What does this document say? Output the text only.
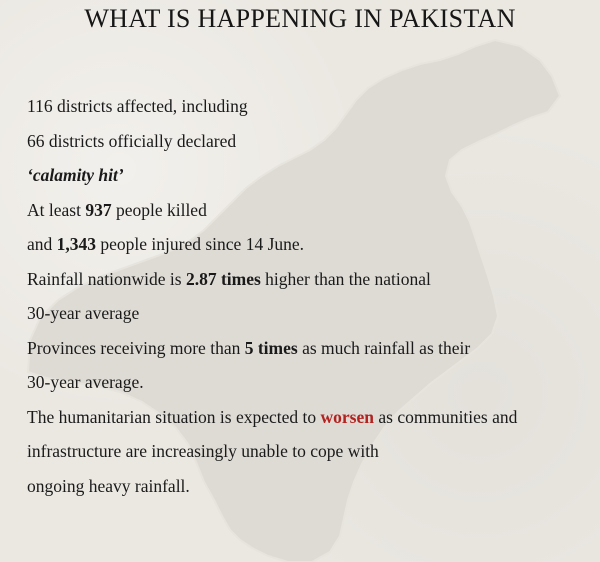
WHAT IS HAPPENING IN PAKISTAN
116 districts affected, including
66 districts officially declared
‘calamity hit’
At least 937 people killed
and 1,343 people injured since 14 June.
Rainfall nationwide is 2.87 times higher than the national
30-year average
Provinces receiving more than 5 times as much rainfall as their
30-year average.
The humanitarian situation is expected to worsen as communities and
infrastructure are increasingly unable to cope with
ongoing heavy rainfall.
